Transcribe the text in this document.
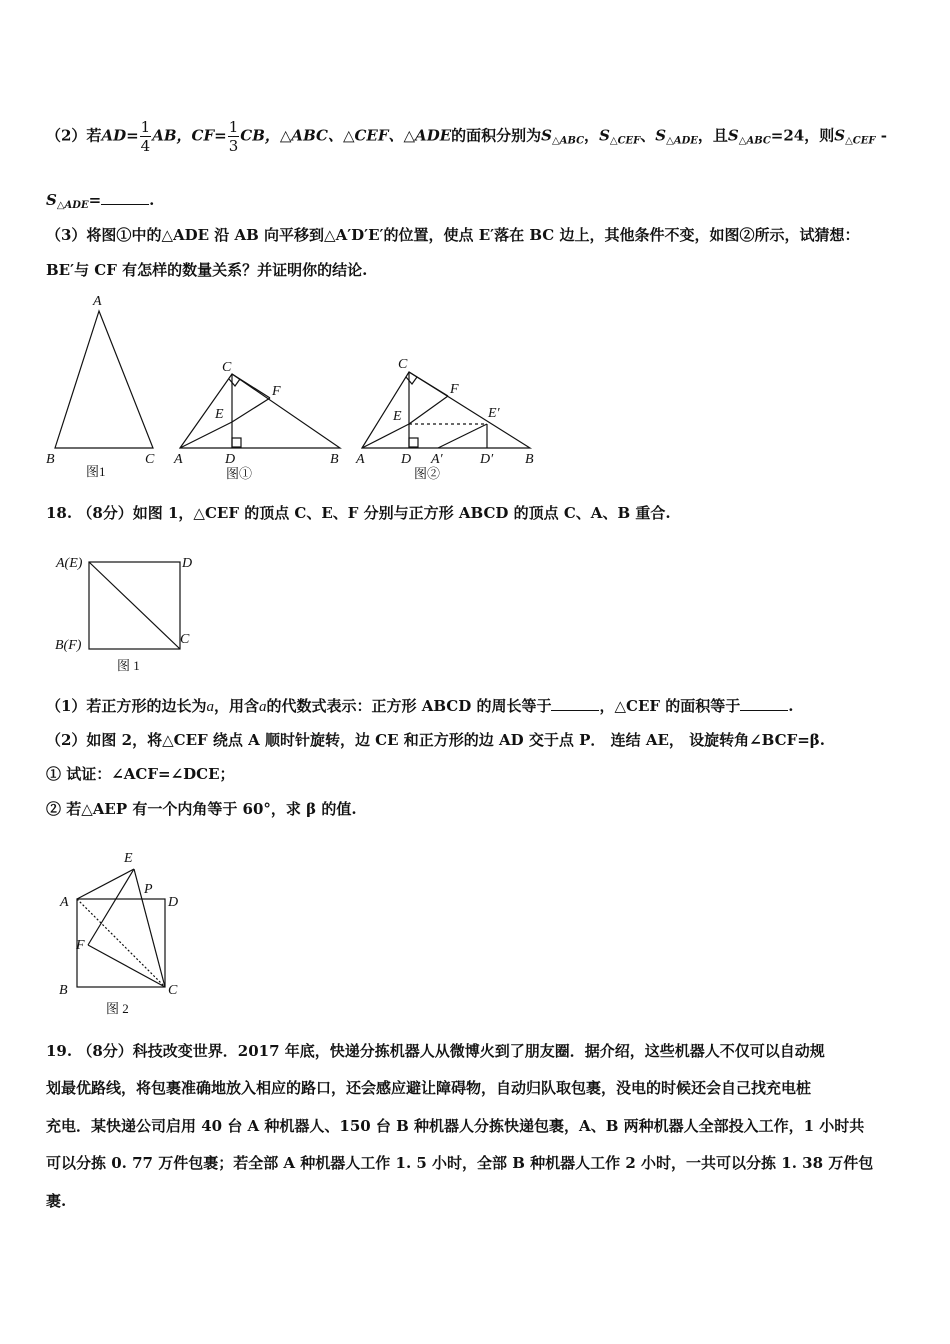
（2）若$AD= \frac{1}{4}$ AB，$CF= \frac{1}{3}$ CB，△ABC、△CEF、△ADE的面积分别为$S_{\triangle ABC}$，$S_{\triangle CEF}$、$S_{\triangle ADE}$，且$S_{\triangle ABC}=24$，则$S_{\triangle CEF}$ -
$S_{\triangle ADE}=$	.
（3）将图①中的△ADE 沿 AB 向平移到△A′D′E′的位置，使点 E′落在 BC 边上，其他条件不变，如图②所示，试猜想：
BE′与 CF 有怎样的数量关系？并证明你的结论.
A
B	C
图1
C
F
E
A	D	B
图①
C
F
E	E′
A	D A′	D′ B
图②
18. （8分）如图 1，△CEF 的顶点 C、E、F 分别与正方形 ABCD 的顶点 C、A、B 重合.
A(E)	D
B(F)	C
图 1
（1）若正方形的边长为a，用含a的代数式表示：正方形 ABCD 的周长等于	，△CEF 的面积等于	.
（2）如图 2，将△CEF 绕点 A 顺时针旋转，边 CE 和正方形的边 AD 交于点 P． 连结 AE， 设旋转角∠BCF=β.
① 试证：∠ACF=∠DCE；
② 若△AEP 有一个内角等于 60°，求 β 的值.
E
P
A	D
F
B	C
图 2
19. （8分）科技改变世界．2017 年底，快递分拣机器人从微博火到了朋友圈．据介绍，这些机器人不仅可以自动规
划最优路线，将包裹准确地放入相应的路口，还会感应避让障碍物，自动归队取包裹，没电的时候还会自己找充电桩
充电．某快递公司启用 40 台 A 种机器人、150 台 B 种机器人分拣快递包裹，A、B 两种机器人全部投入工作，1 小时共
可以分拣 0. 77 万件包裹；若全部 A 种机器人工作 1. 5 小时，全部 B 种机器人工作 2 小时，一共可以分拣 1. 38 万件包
裹.
